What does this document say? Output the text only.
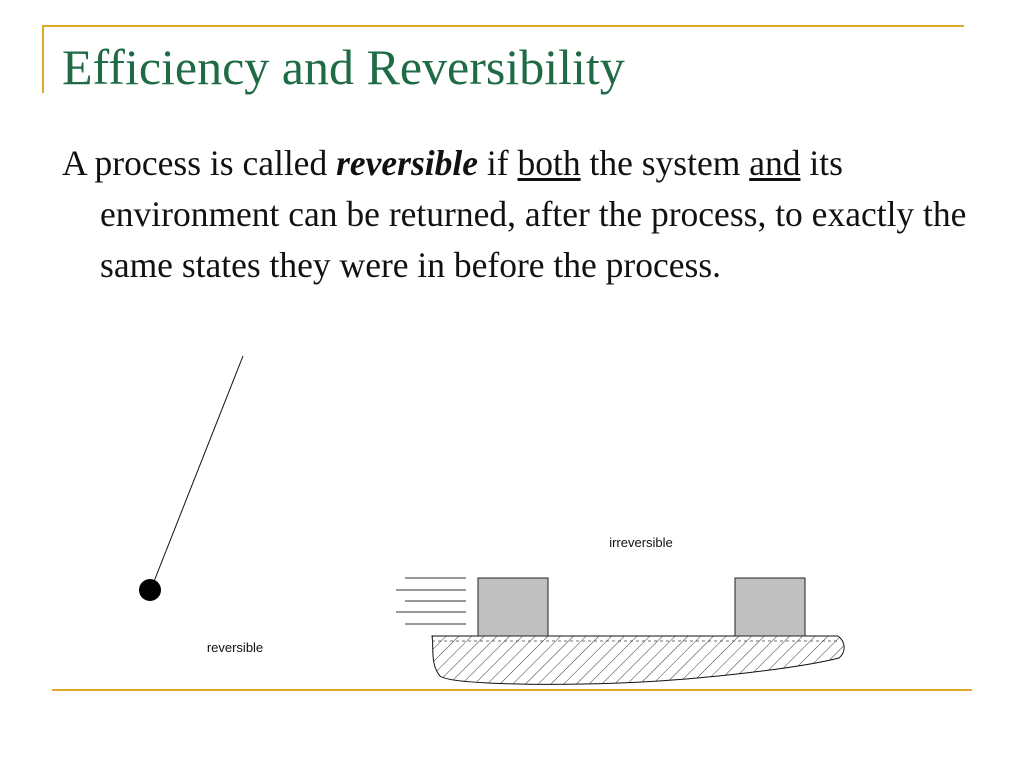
Efficiency and Reversibility

A process is called reversible if both the system and its environment can be returned, after the process, to exactly the same states they were in before the process.

reversible
irreversible
